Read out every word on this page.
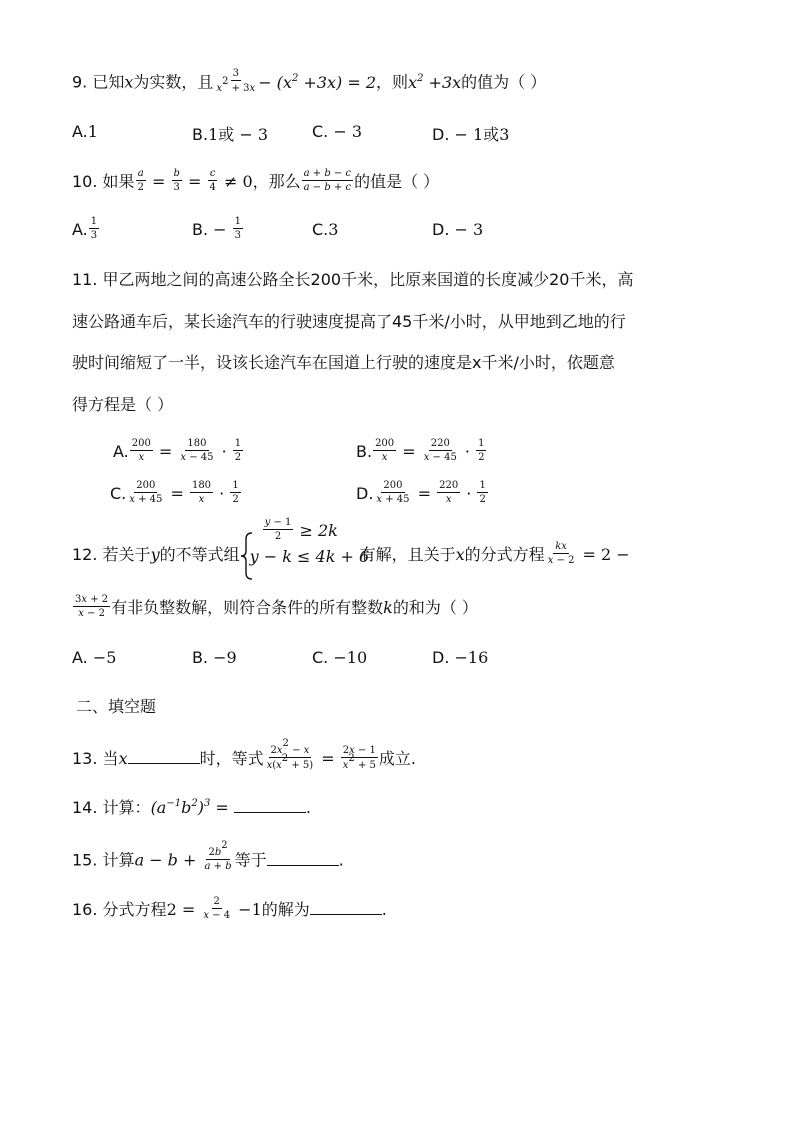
9. 已知x为实数，且 $\frac{3}{x^2 + 3x} - (x^2 +3x) = 2$，则$x^2 +3x$的值为（ ）
A.1	B.1或 − 3	C. − 3	D. − 1或3
10. 如果 $\frac{a}{2} = \frac{b}{3} = \frac{c}{4} \ne 0$，那么 $\frac{a + b - c}{a - b + c}$ 的值是（ ）
A. $\frac{1}{3}$	B. − $\frac{1}{3}$	C.3	D. − 3
11. 甲乙两地之间的高速公路全长200千米，比原来国道的长度减少20千米，高
速公路通车后，某长途汽车的行驶速度提高了45千米/小时，从甲地到乙地的行
驶时间缩短了一半，设该长途汽车在国道上行驶的速度是x千米/小时，依题意
得方程是（ ）
A. $\frac{200}{x} = \frac{180}{x - 45} \cdot \frac{1}{2}$	B. $\frac{200}{x} = \frac{220}{x - 45} \cdot \frac{1}{2}$
C. $\frac{200}{x + 45} = \frac{180}{x} \cdot \frac{1}{2}$	D. $\frac{200}{x + 45} = \frac{220}{x} \cdot \frac{1}{2}$
12. 若关于y的不等式组
$\frac{y - 1}{2} \ge 2k$
y − k ≤ 4k + 6
有解，且关于x的分式方程 $\frac{kx}{x - 2} = 2$ −
$\frac{3x + 2}{x - 2}$ 有非负整数解，则符合条件的所有整数k的和为（ ）
A. −5	B. −9	C. −10	D. −16
二、填空题
13. 当x	时，等式 $\frac{2x^2 - x}{x(x^2 + 5)} = \frac{2x - 1}{x^2 + 5}$ 成立.
14. 计算：$(a^{-1}b^2)^3$ =	.
15. 计算$a - b + \frac{2b^2}{a + b}$ 等于	.
16. 分式方程$2 = \frac{2}{x - 4} -1$的解为	.
